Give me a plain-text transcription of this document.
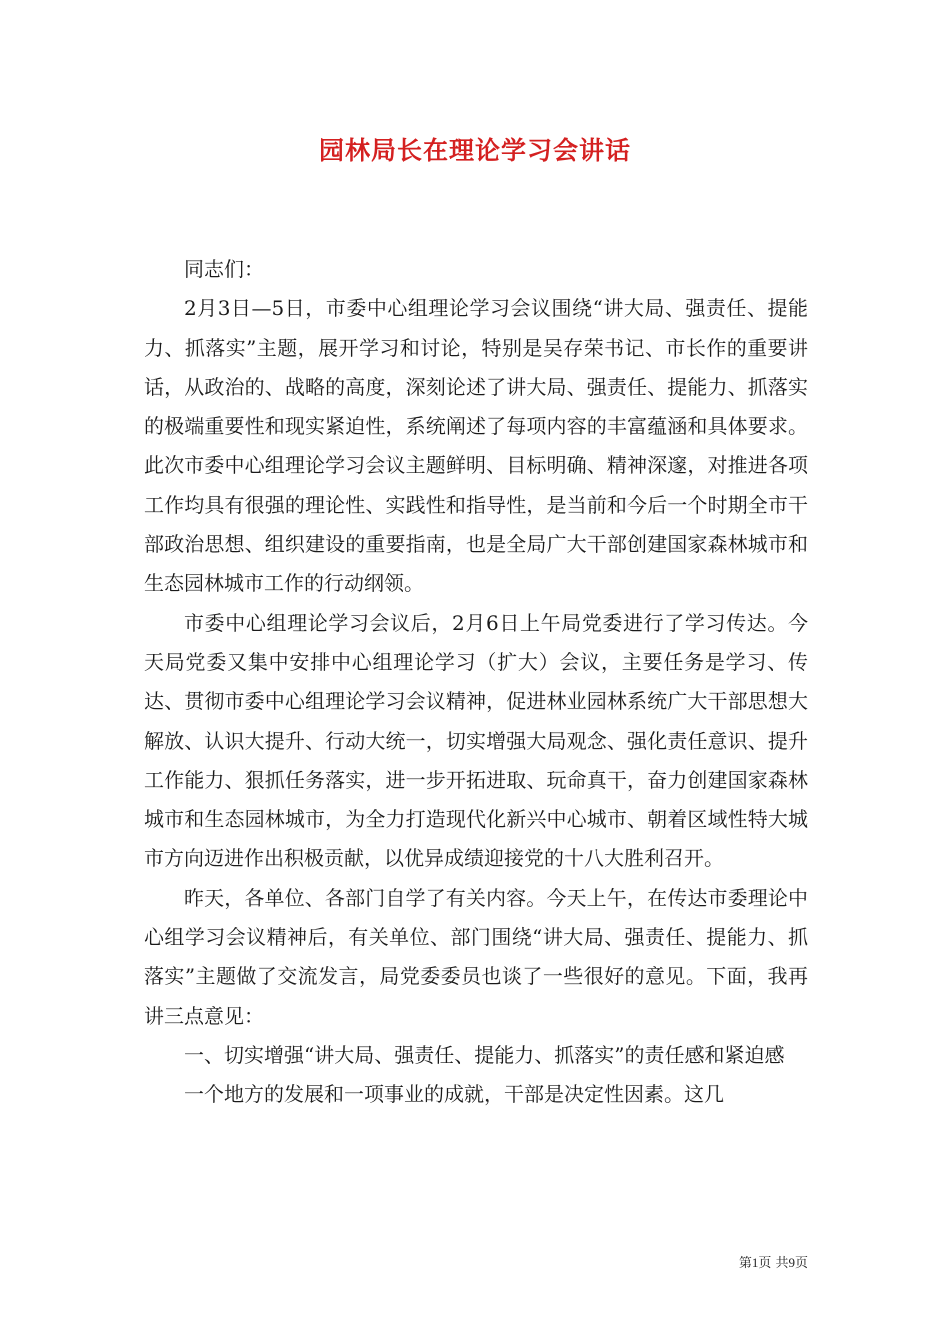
园林局长在理论学习会讲话

同志们：

2月3日—5日，市委中心组理论学习会议围绕“讲大局、强责任、提能力、抓落实”主题，展开学习和讨论，特别是吴存荣书记、市长作的重要讲话，从政治的、战略的高度，深刻论述了讲大局、强责任、提能力、抓落实的极端重要性和现实紧迫性，系统阐述了每项内容的丰富蕴涵和具体要求。此次市委中心组理论学习会议主题鲜明、目标明确、精神深邃，对推进各项工作均具有很强的理论性、实践性和指导性，是当前和今后一个时期全市干部政治思想、组织建设的重要指南，也是全局广大干部创建国家森林城市和生态园林城市工作的行动纲领。

市委中心组理论学习会议后，2月6日上午局党委进行了学习传达。今天局党委又集中安排中心组理论学习（扩大）会议，主要任务是学习、传达、贯彻市委中心组理论学习会议精神，促进林业园林系统广大干部思想大解放、认识大提升、行动大统一，切实增强大局观念、强化责任意识、提升工作能力、狠抓任务落实，进一步开拓进取、玩命真干，奋力创建国家森林城市和生态园林城市，为全力打造现代化新兴中心城市、朝着区域性特大城市方向迈进作出积极贡献，以优异成绩迎接党的十八大胜利召开。

昨天，各单位、各部门自学了有关内容。今天上午，在传达市委理论中心组学习会议精神后，有关单位、部门围绕“讲大局、强责任、提能力、抓落实”主题做了交流发言，局党委委员也谈了一些很好的意见。下面，我再讲三点意见：

一、切实增强“讲大局、强责任、提能力、抓落实”的责任感和紧迫感

一个地方的发展和一项事业的成就，干部是决定性因素。这几

第1页 共9页
